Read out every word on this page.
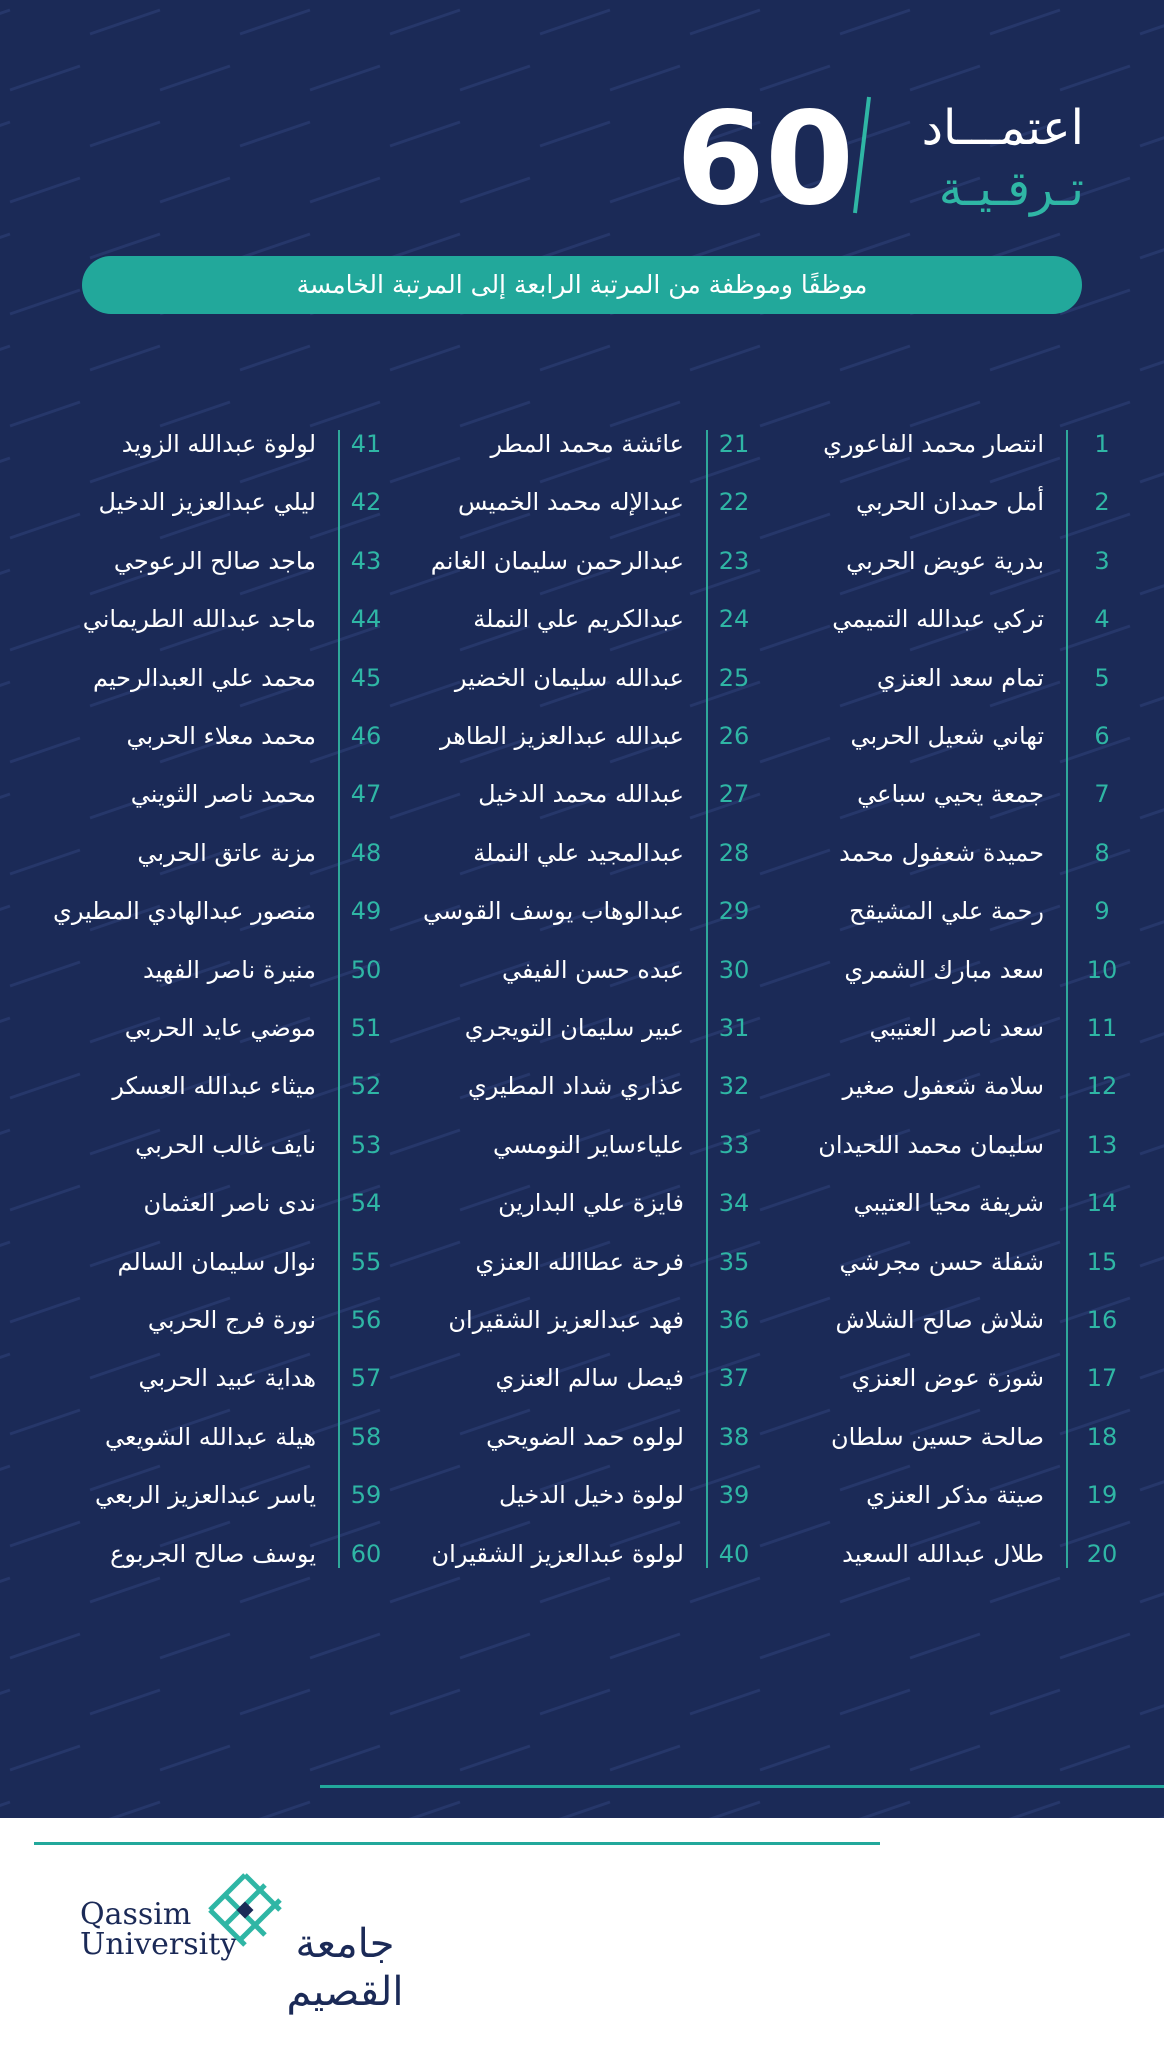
اعتمـــاد
تـرقـيـة
60
موظفًا وموظفة من المرتبة الرابعة إلى المرتبة الخامسة
1
انتصار محمد الفاعوري
2
أمل حمدان الحربي
3
بدرية عويض الحربي
4
تركي عبدالله التميمي
5
تمام سعد العنزي
6
تهاني شعيل الحربي
7
جمعة يحيي سباعي
8
حميدة شعفول محمد
9
رحمة علي المشيقح
10
سعد مبارك الشمري
11
سعد ناصر العتيبي
12
سلامة شعفول صغير
13
سليمان محمد اللحيدان
14
شريفة محيا العتيبي
15
شفلة حسن مجرشي
16
شلاش صالح الشلاش
17
شوزة عوض العنزي
18
صالحة حسين سلطان
19
صيتة مذكر العنزي
20
طلال عبدالله السعيد
21
عائشة محمد المطر
22
عبدالإله محمد الخميس
23
عبدالرحمن سليمان الغانم
24
عبدالكريم علي النملة
25
عبدالله سليمان الخضير
26
عبدالله عبدالعزيز الطاهر
27
عبدالله محمد الدخيل
28
عبدالمجيد علي النملة
29
عبدالوهاب يوسف القوسي
30
عبده حسن الفيفي
31
عبير سليمان التويجري
32
عذاري شداد المطيري
33
علياءساير النومسي
34
فايزة علي البدارين
35
فرحة عطاالله العنزي
36
فهد عبدالعزيز الشقيران
37
فيصل سالم العنزي
38
لولوه حمد الضويحي
39
لولوة دخيل الدخيل
40
لولوة عبدالعزيز الشقيران
41
لولوة عبدالله الزويد
42
ليلي عبدالعزيز الدخيل
43
ماجد صالح الرعوجي
44
ماجد عبدالله الطريماني
45
محمد علي العبدالرحيم
46
محمد معلاء الحربي
47
محمد ناصر الثويني
48
مزنة عاتق الحربي
49
منصور عبدالهادي المطيري
50
منيرة ناصر الفهيد
51
موضي عايد الحربي
52
ميثاء عبدالله العسكر
53
نايف غالب الحربي
54
ندى ناصر العثمان
55
نوال سليمان السالم
56
نورة فرج الحربي
57
هداية عبيد الحربي
58
هيلة عبدالله الشويعي
59
ياسر عبدالعزيز الربعي
60
يوسف صالح الجربوع
Qassim
University	جامعة القصيم
